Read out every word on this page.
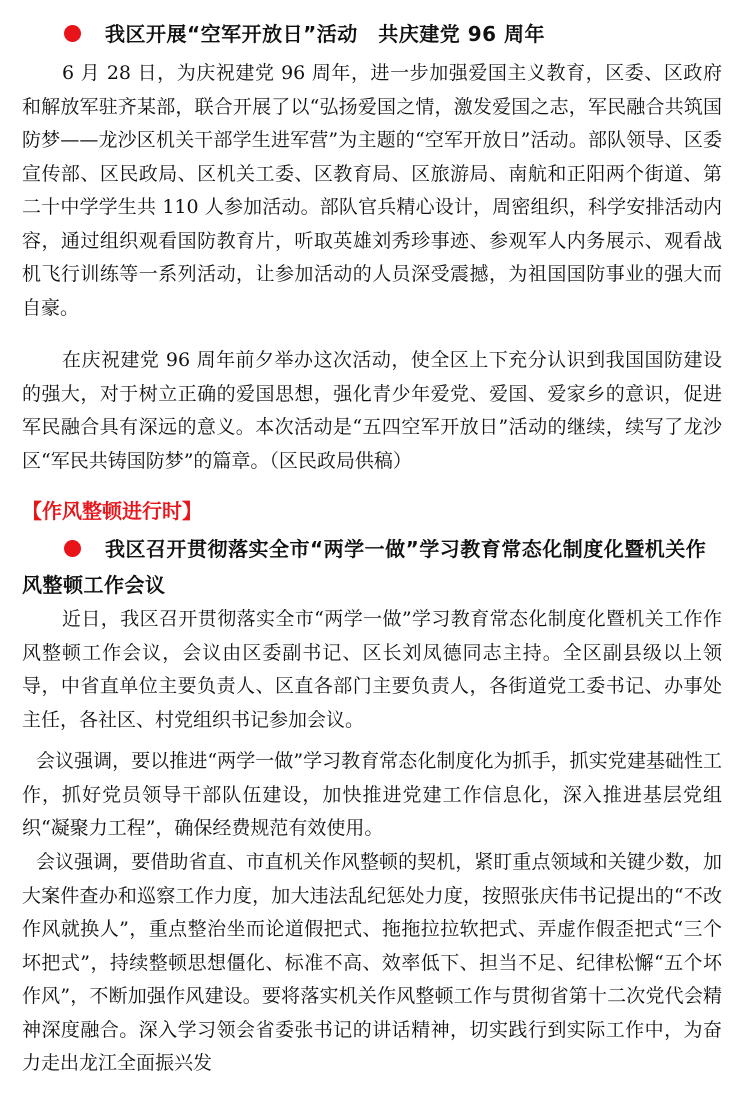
我区开展“空军开放日”活动　共庆建党 96 周年

6 月 28 日，为庆祝建党 96 周年，进一步加强爱国主义教育，区委、区政府和解放军驻齐某部，联合开展了以“弘扬爱国之情，激发爱国之志，军民融合共筑国防梦——龙沙区机关干部学生进军营”为主题的“空军开放日”活动。部队领导、区委宣传部、区民政局、区机关工委、区教育局、区旅游局、南航和正阳两个街道、第二十中学学生共 110 人参加活动。部队官兵精心设计，周密组织，科学安排活动内容，通过组织观看国防教育片，听取英雄刘秀珍事迹、参观军人内务展示、观看战机飞行训练等一系列活动，让参加活动的人员深受震撼，为祖国国防事业的强大而自豪。

在庆祝建党 96 周年前夕举办这次活动，使全区上下充分认识到我国国防建设的强大，对于树立正确的爱国思想，强化青少年爱党、爱国、爱家乡的意识，促进军民融合具有深远的意义。本次活动是“五四空军开放日”活动的继续，续写了龙沙区“军民共铸国防梦”的篇章。（区民政局供稿）

【作风整顿进行时】
我区召开贯彻落实全市“两学一做”学习教育常态化制度化暨机关作风整顿工作会议

近日，我区召开贯彻落实全市“两学一做”学习教育常态化制度化暨机关工作作风整顿工作会议，会议由区委副书记、区长刘凤德同志主持。全区副县级以上领导，中省直单位主要负责人、区直各部门主要负责人，各街道党工委书记、办事处主任，各社区、村党组织书记参加会议。

会议强调，要以推进“两学一做”学习教育常态化制度化为抓手，抓实党建基础性工作，抓好党员领导干部队伍建设，加快推进党建工作信息化，深入推进基层党组织“凝聚力工程”，确保经费规范有效使用。

会议强调，要借助省直、市直机关作风整顿的契机，紧盯重点领域和关键少数，加大案件查办和巡察工作力度，加大违法乱纪惩处力度，按照张庆伟书记提出的“不改作风就换人”，重点整治坐而论道假把式、拖拖拉拉软把式、弄虚作假歪把式“三个坏把式”，持续整顿思想僵化、标准不高、效率低下、担当不足、纪律松懈“五个坏作风”，不断加强作风建设。要将落实机关作风整顿工作与贯彻省第十二次党代会精神深度融合。深入学习领会省委张书记的讲话精神，切实践行到实际工作中，为奋力走出龙江全面振兴发
